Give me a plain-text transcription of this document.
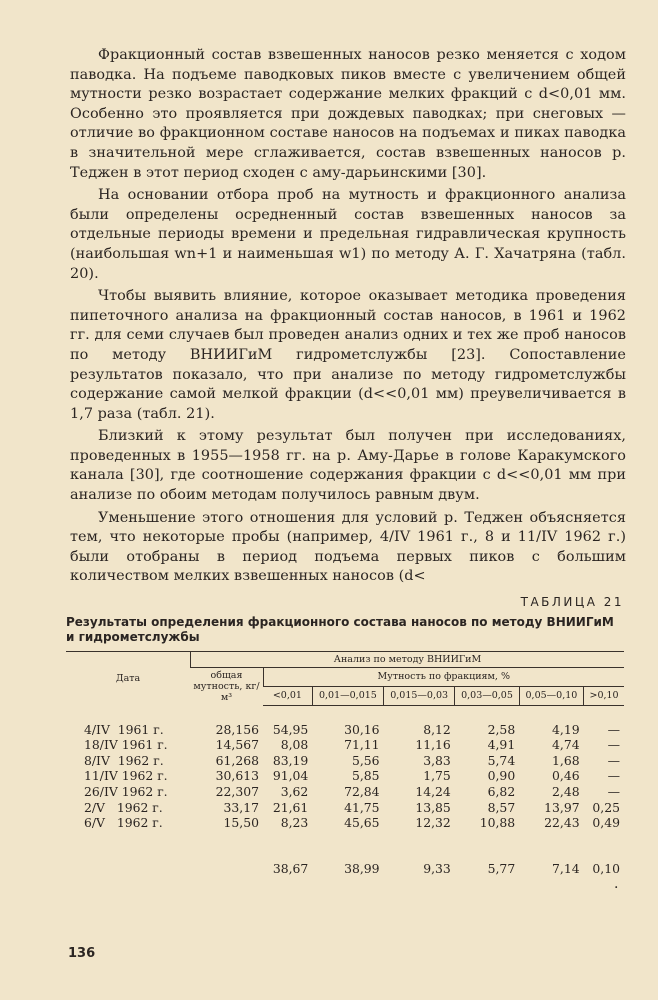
Фракционный состав взвешенных наносов резко меняется с ходом паводка. На подъеме паводковых пиков вместе с увеличением общей мутности резко возрастает содержание мелких фракций с d<0,01 мм. Особенно это проявляется при дождевых паводках; при снеговых — отличие во фракционном составе наносов на подъемах и пиках паводка в значительной мере сглаживается, состав взвешенных наносов р. Теджен в этот период сходен с аму-дарьинскими [30].

На основании отбора проб на мутность и фракционного анализа были определены осредненный состав взвешенных наносов за отдельные периоды времени и предельная гидравлическая крупность (наибольшая wn+1 и наименьшая w1) по методу А. Г. Хачатряна (табл. 20).

Чтобы выявить влияние, которое оказывает методика проведения пипеточного анализа на фракционный состав наносов, в 1961 и 1962 гг. для семи случаев был проведен анализ одних и тех же проб наносов по методу ВНИИГиМ гидрометслужбы [23]. Сопоставление результатов показало, что при анализе по методу гидрометслужбы содержание самой мелкой фракции (d<<0,01 мм) преувеличивается в 1,7 раза (табл. 21).

Близкий к этому результат был получен при исследованиях, проведенных в 1955—1958 гг. на р. Аму-Дарье в голове Каракумского канала [30], где соотношение содержания фракции с d<<0,01 мм при анализе по обоим методам получилось равным двум.

Уменьшение этого отношения для условий р. Теджен объясняется тем, что некоторые пробы (например, 4/IV 1961 г., 8 и 11/IV 1962 г.) были отобраны в период подъема первых пиков с большим количеством мелких взвешенных наносов (d<

ТАБЛИЦА 21
Результаты определения фракционного состава наносов по методу ВНИИГиМ и гидрометслужбы
Дата	Анализ по методу ВНИИГиМ						
	общая мутность, кг/м³	Мутность по фракциям, %					
		<0,01	0,01—0,015	0,015—0,03	0,03—0,05	0,05—0,10	>0,10

4/IV  1961 г.	28,156	54,95	30,16	8,12	2,58	4,19	—
18/IV 1961 г.	14,567	8,08	71,11	11,16	4,91	4,74	—
8/IV  1962 г.	61,268	83,19	5,56	3,83	5,74	1,68	—
11/IV 1962 г.	30,613	91,04	5,85	1,75	0,90	0,46	—
26/IV 1962 г.	22,307	3,62	72,84	14,24	6,82	2,48	—
2/V   1962 г.	33,17	21,61	41,75	13,85	8,57	13,97	0,25
6/V   1962 г.	15,50	8,23	45,65	12,32	10,88	22,43	0,49
		38,67	38,99	9,33	5,77	7,14	0,10
·
136
